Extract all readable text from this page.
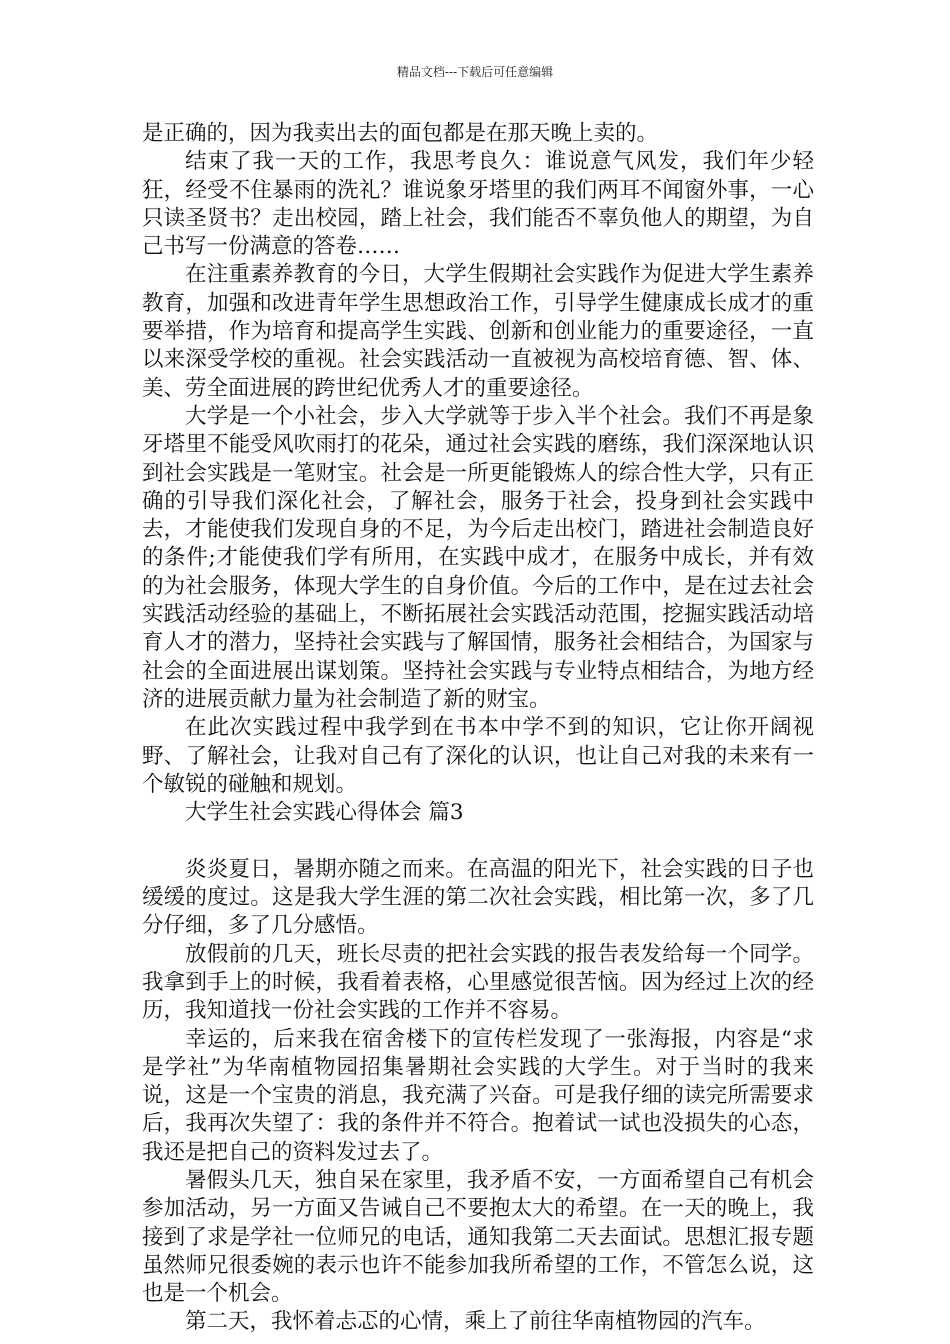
精品文档---下载后可任意编辑

是正确的，因为我卖出去的面包都是在那天晚上卖的。

结束了我一天的工作，我思考良久：谁说意气风发，我们年少轻狂，经受不住暴雨的洗礼？谁说象牙塔里的我们两耳不闻窗外事，一心只读圣贤书？走出校园，踏上社会，我们能否不辜负他人的期望，为自己书写一份满意的答卷……

在注重素养教育的今日，大学生假期社会实践作为促进大学生素养教育，加强和改进青年学生思想政治工作，引导学生健康成长成才的重要举措，作为培育和提高学生实践、创新和创业能力的重要途径，一直以来深受学校的重视。社会实践活动一直被视为高校培育德、智、体、美、劳全面进展的跨世纪优秀人才的重要途径。

大学是一个小社会，步入大学就等于步入半个社会。我们不再是象牙塔里不能受风吹雨打的花朵，通过社会实践的磨练，我们深深地认识到社会实践是一笔财宝。社会是一所更能锻炼人的综合性大学，只有正确的引导我们深化社会，了解社会，服务于社会，投身到社会实践中去，才能使我们发现自身的不足，为今后走出校门，踏进社会制造良好的条件;才能使我们学有所用，在实践中成才，在服务中成长，并有效的为社会服务，体现大学生的自身价值。今后的工作中，是在过去社会实践活动经验的基础上，不断拓展社会实践活动范围，挖掘实践活动培育人才的潜力，坚持社会实践与了解国情，服务社会相结合，为国家与社会的全面进展出谋划策。坚持社会实践与专业特点相结合，为地方经济的进展贡献力量为社会制造了新的财宝。

在此次实践过程中我学到在书本中学不到的知识，它让你开阔视野、了解社会，让我对自己有了深化的认识，也让自己对我的未来有一个敏锐的碰触和规划。

大学生社会实践心得体会 篇3

炎炎夏日，暑期亦随之而来。在高温的阳光下，社会实践的日子也缓缓的度过。这是我大学生涯的第二次社会实践，相比第一次，多了几分仔细，多了几分感悟。

放假前的几天，班长尽责的把社会实践的报告表发给每一个同学。我拿到手上的时候，我看着表格，心里感觉很苦恼。因为经过上次的经历，我知道找一份社会实践的工作并不容易。

幸运的，后来我在宿舍楼下的宣传栏发现了一张海报，内容是“求是学社”为华南植物园招集暑期社会实践的大学生。对于当时的我来说，这是一个宝贵的消息，我充满了兴奋。可是我仔细的读完所需要求后，我再次失望了：我的条件并不符合。抱着试一试也没损失的心态，我还是把自己的资料发过去了。

暑假头几天，独自呆在家里，我矛盾不安，一方面希望自己有机会参加活动，另一方面又告诫自己不要抱太大的希望。在一天的晚上，我接到了求是学社一位师兄的电话，通知我第二天去面试。思想汇报专题虽然师兄很委婉的表示也许不能参加我所希望的工作，不管怎么说，这也是一个机会。

第二天，我怀着忐忑的心情，乘上了前往华南植物园的汽车。
